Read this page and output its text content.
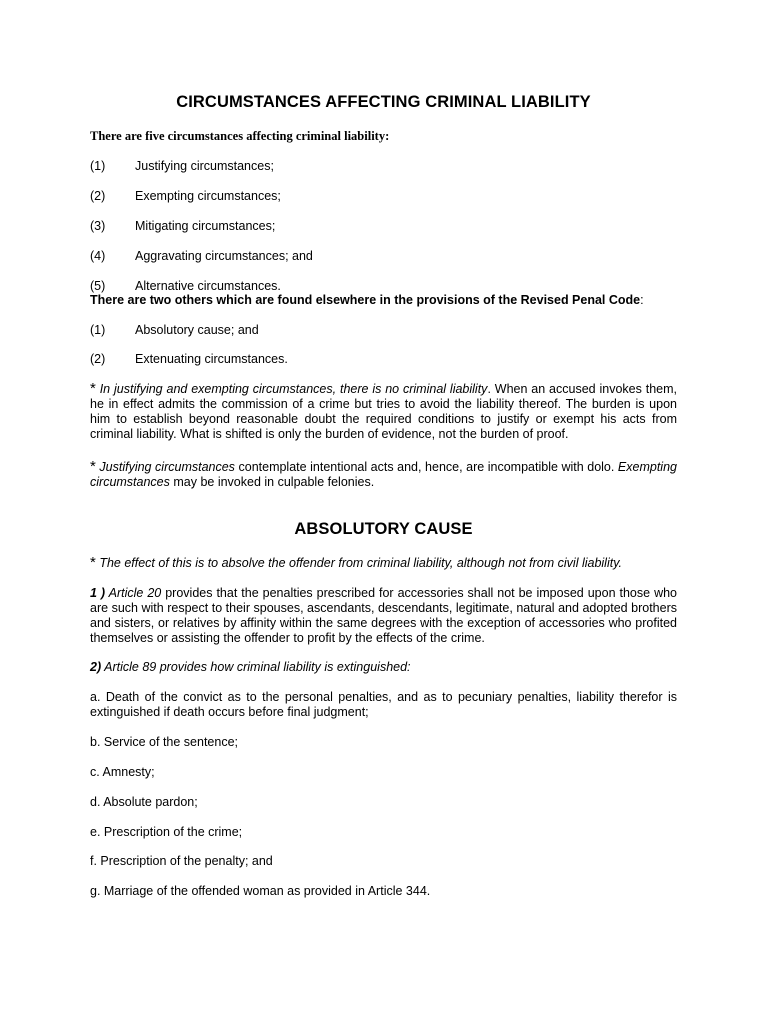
CIRCUMSTANCES AFFECTING CRIMINAL LIABILITY
There are five circumstances affecting criminal liability:
(1) Justifying circumstances;
(2) Exempting circumstances;
(3) Mitigating circumstances;
(4) Aggravating circumstances; and
(5) Alternative circumstances.
There are two others which are found elsewhere in the provisions of the Revised Penal Code:
(1) Absolutory cause; and
(2) Extenuating circumstances.
* In justifying and exempting circumstances, there is no criminal liability. When an accused invokes them, he in effect admits the commission of a crime but tries to avoid the liability thereof. The burden is upon him to establish beyond reasonable doubt the required conditions to justify or exempt his acts from criminal liability. What is shifted is only the burden of evidence, not the burden of proof.
* Justifying circumstances contemplate intentional acts and, hence, are incompatible with dolo. Exempting circumstances may be invoked in culpable felonies.
ABSOLUTORY CAUSE
* The effect of this is to absolve the offender from criminal liability, although not from civil liability.
1 ) Article 20 provides that the penalties prescribed for accessories shall not be imposed upon those who are such with respect to their spouses, ascendants, descendants, legitimate, natural and adopted brothers and sisters, or relatives by affinity within the same degrees with the exception of accessories who profited themselves or assisting the offender to profit by the effects of the crime.
2) Article 89 provides how criminal liability is extinguished:
a. Death of the convict as to the personal penalties, and as to pecuniary penalties, liability therefor is extinguished if death occurs before final judgment;
b. Service of the sentence;
c. Amnesty;
d. Absolute pardon;
e. Prescription of the crime;
f. Prescription of the penalty; and
g. Marriage of the offended woman as provided in Article 344.
